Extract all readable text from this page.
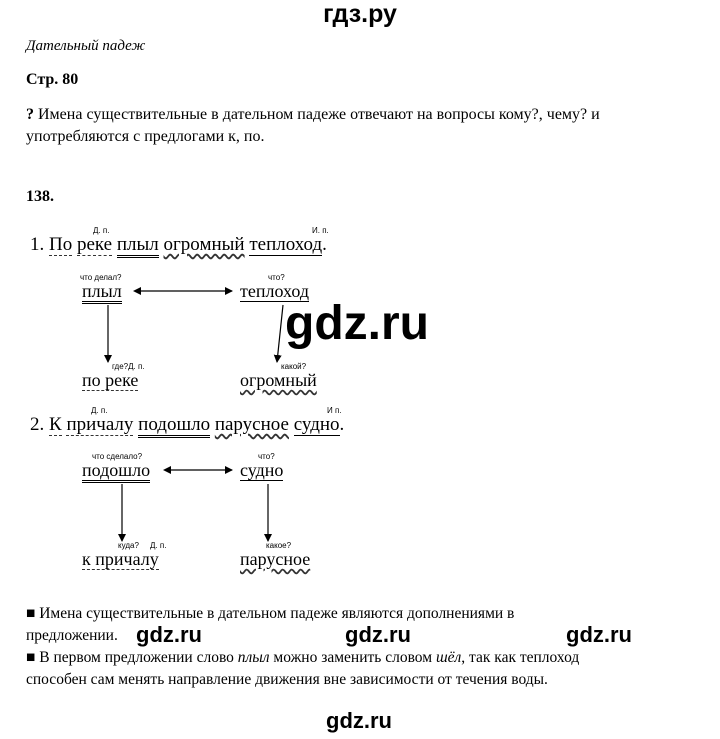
гдз.ру
Дательный падеж
Стр. 80
? Имена существительные в дательном падеже отвечают на вопросы кому?, чему? и
употребляются с предлогами к, по.
138.
Д. п.	И. п.
1. По реке плыл огромный теплоход.
что делал?	что?
плыл	теплоход
где?Д. п.	какой?
по реке	огромный
Д. п.	И п.
2. К причалу подошло парусное судно.
что сделало?	что?
подошло	судно
куда? Д. п.	какое?
к причалу	парусное
■ Имена существительные в дательном падеже являются дополнениями в
предложении.
■ В первом предложении слово плыл можно заменить словом шёл, так как теплоход
способен сам менять направление движения вне зависимости от течения воды.
gdz.ru
gdz.ru	gdz.ru	gdz.ru
gdz.ru
